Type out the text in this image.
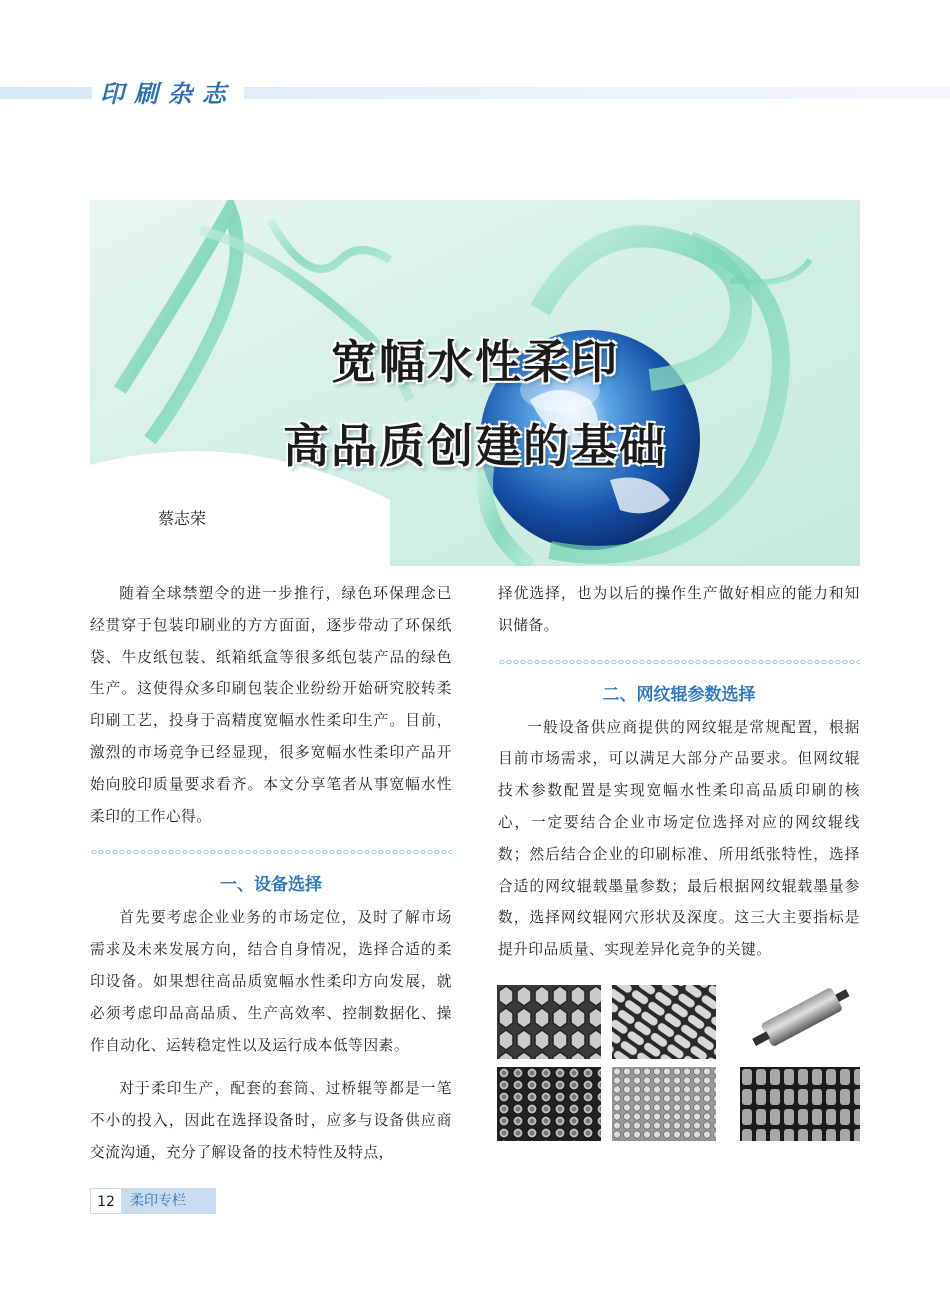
印刷杂志
宽幅水性柔印
高品质创建的基础
蔡志荣

随着全球禁塑令的进一步推行，绿色环保理念已经贯穿于包装印刷业的方方面面，逐步带动了环保纸袋、牛皮纸包装、纸箱纸盒等很多纸包装产品的绿色生产。这使得众多印刷包装企业纷纷开始研究胶转柔印刷工艺，投身于高精度宽幅水性柔印生产。目前，激烈的市场竞争已经显现，很多宽幅水性柔印产品开始向胶印质量要求看齐。本文分享笔者从事宽幅水性柔印的工作心得。

一、设备选择

首先要考虑企业业务的市场定位，及时了解市场需求及未来发展方向，结合自身情况，选择合适的柔印设备。如果想往高品质宽幅水性柔印方向发展，就必须考虑印品高品质、生产高效率、控制数据化、操作自动化、运转稳定性以及运行成本低等因素。

对于柔印生产，配套的套筒、过桥辊等都是一笔不小的投入，因此在选择设备时，应多与设备供应商交流沟通，充分了解设备的技术特性及特点，

择优选择，也为以后的操作生产做好相应的能力和知识储备。

二、网纹辊参数选择

一般设备供应商提供的网纹辊是常规配置，根据目前市场需求，可以满足大部分产品要求。但网纹辊技术参数配置是实现宽幅水性柔印高品质印刷的核心，一定要结合企业市场定位选择对应的网纹辊线数；然后结合企业的印刷标准、所用纸张特性，选择合适的网纹辊载墨量参数；最后根据网纹辊载墨量参数，选择网纹辊网穴形状及深度。这三大主要指标是提升印品质量、实现差异化竞争的关键。

12	柔印专栏
